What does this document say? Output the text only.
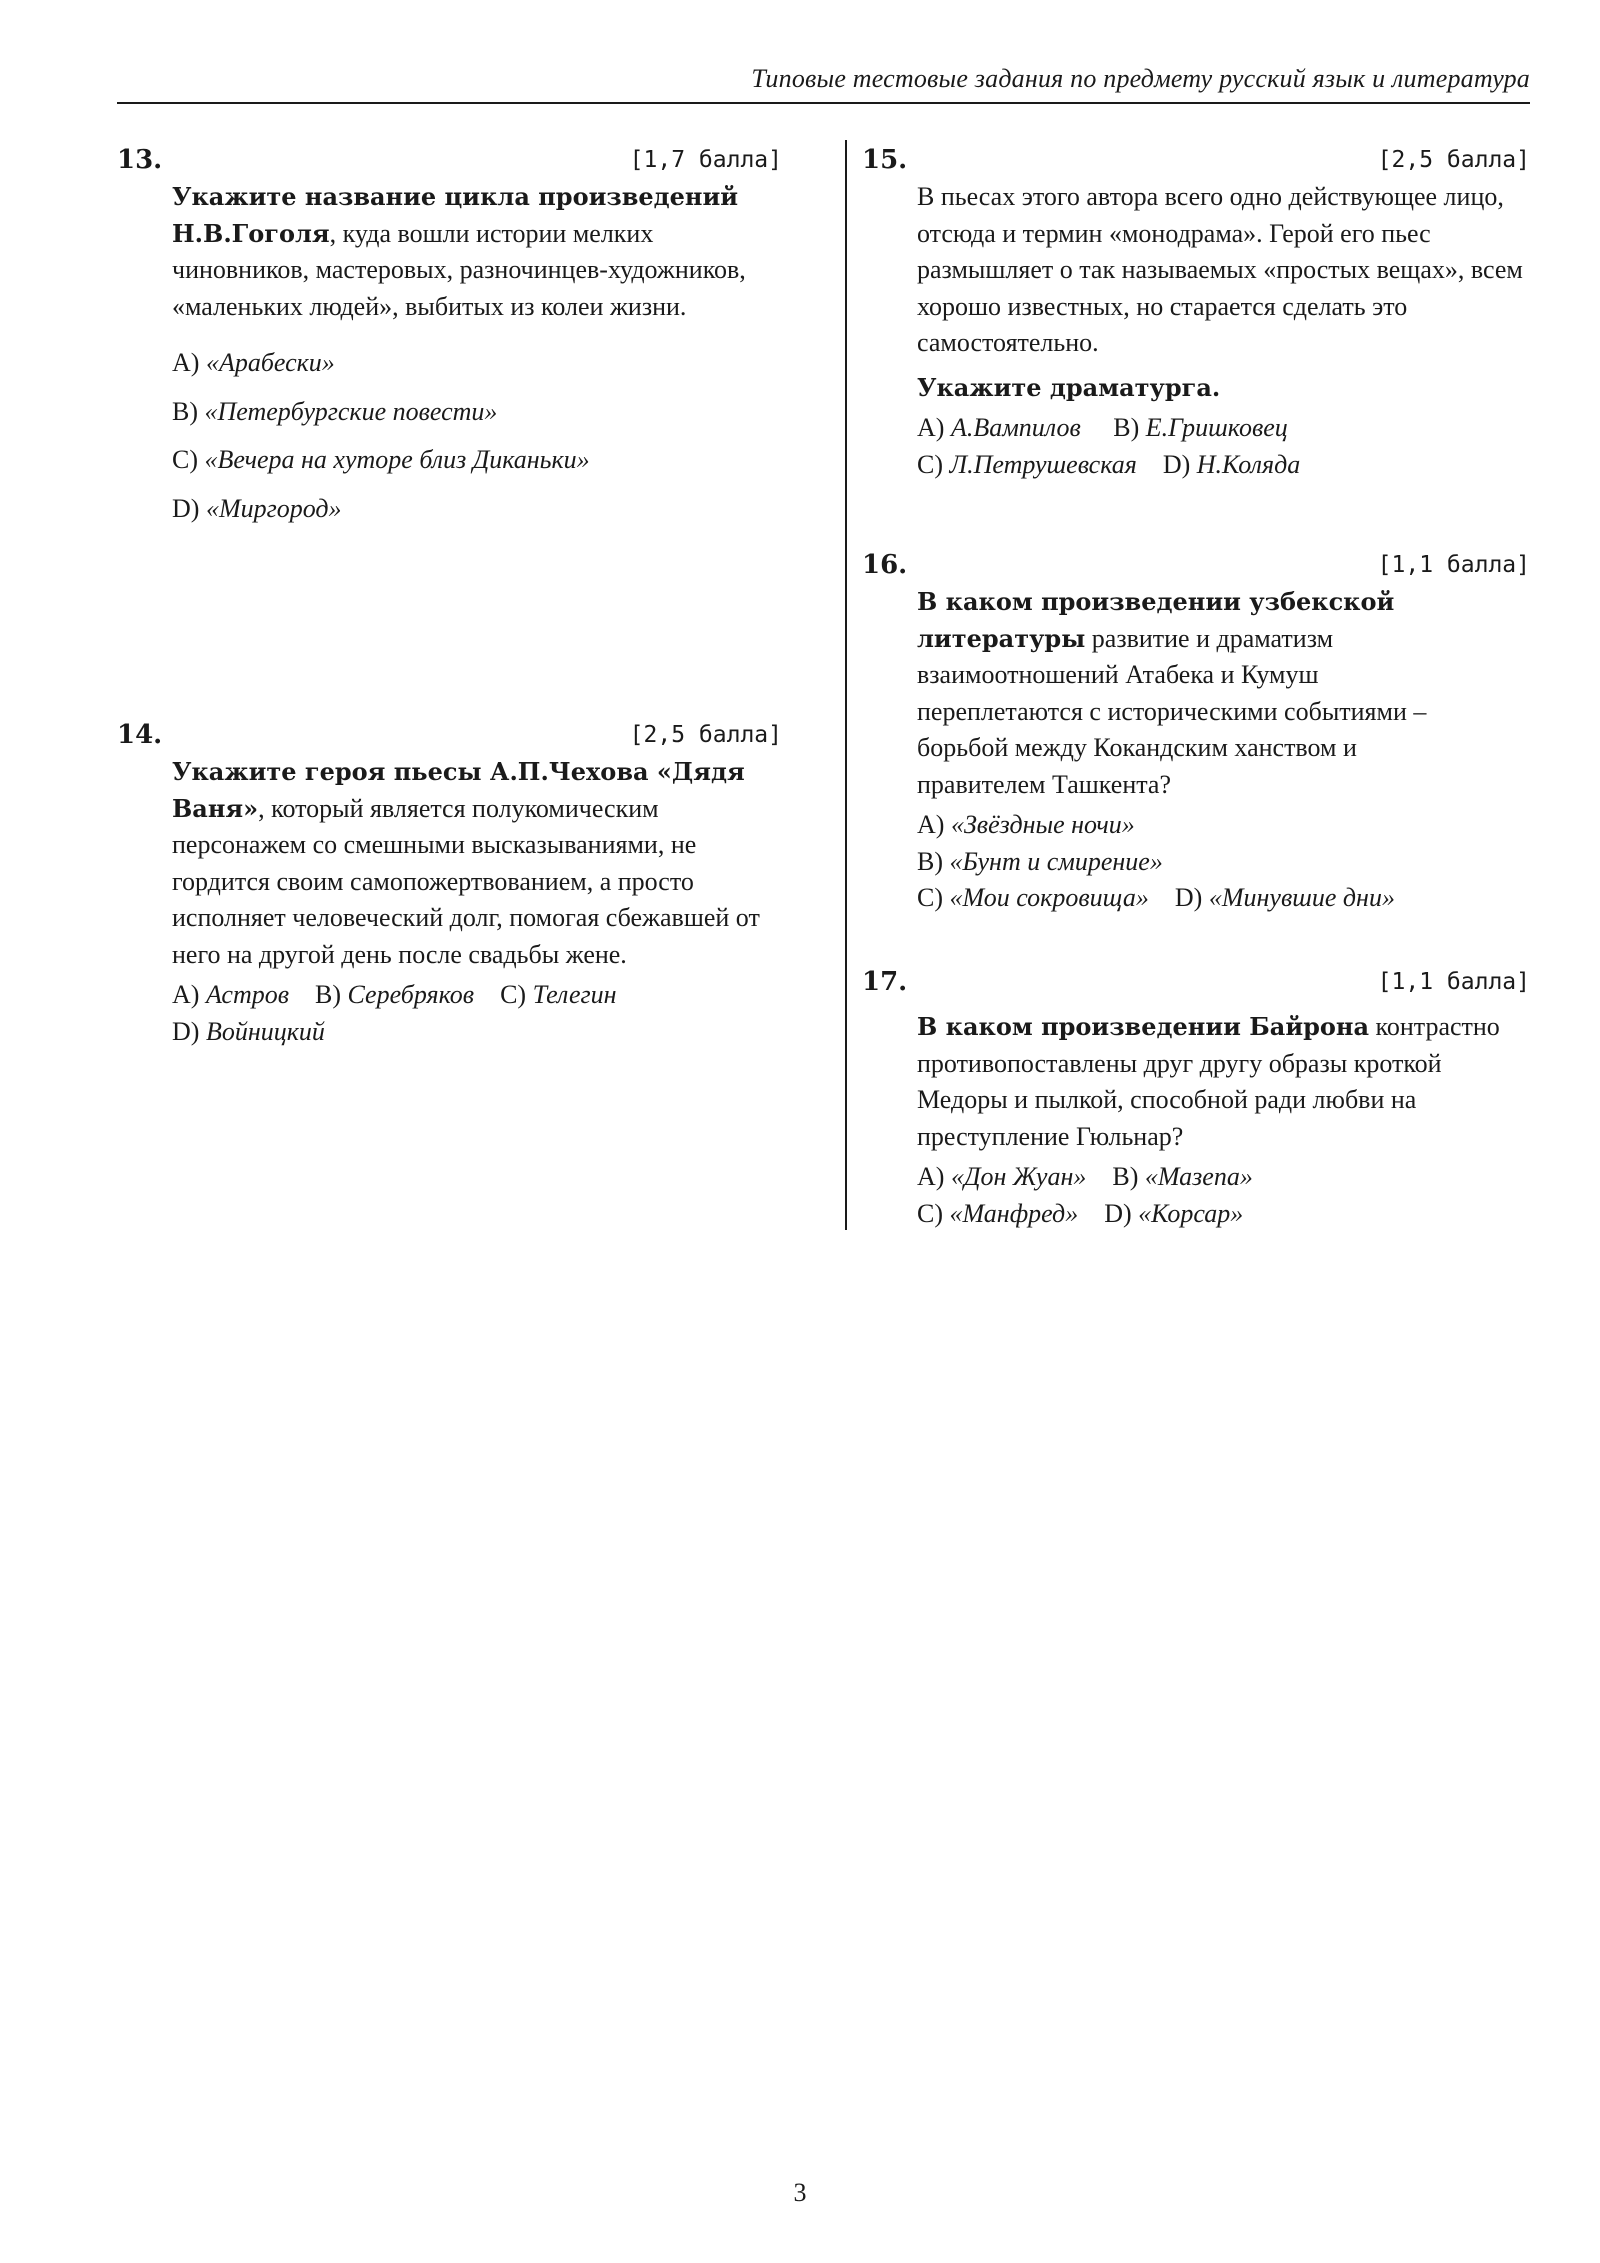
Типовые тестовые задания по предмету русский язык и литература
13.	[1,7 балла]
Укажите название цикла произведений Н.В.Гоголя, куда вошли истории мелких чиновников, мастеровых, разночинцев-художников, «маленьких людей», выбитых из колеи жизни.
A) «Арабески»
B) «Петербургские повести»
C) «Вечера на хуторе близ Диканьки»
D) «Миргород»
14.	[2,5 балла]
Укажите героя пьесы А.П.Чехова «Дядя Ваня», который является полукомическим персонажем со смешными высказываниями, не гордится своим самопожертвованием, а просто исполняет человеческий долг, помогая сбежавшей от него на другой день после свадьбы жене.
A) Астров B) Серебряков C) Телегин
D) Войницкий
15.	[2,5 балла]
В пьесах этого автора всего одно действующее лицо, отсюда и термин «монодрама». Герой его пьес размышляет о так называемых «простых вещах», всем хорошо известных, но старается сделать это самостоятельно.
Укажите драматурга.
A) А.Вампилов B) Е.Гришковец
C) Л.Петрушевская D) Н.Коляда
16.	[1,1 балла]
В каком произведении узбекской литературы развитие и драматизм взаимоотношений Атабека и Кумуш переплетаются с историческими событиями – борьбой между Кокандским ханством и правителем Ташкента?
A) «Звёздные ночи»
B) «Бунт и смирение»
C) «Мои сокровища» D) «Минувшие дни»
17.	[1,1 балла]
В каком произведении Байрона контрастно противопоставлены друг другу образы кроткой Медоры и пылкой, способной ради любви на преступление Гюльнар?
A) «Дон Жуан» B) «Мазепа»
C) «Манфред» D) «Корсар»
3
